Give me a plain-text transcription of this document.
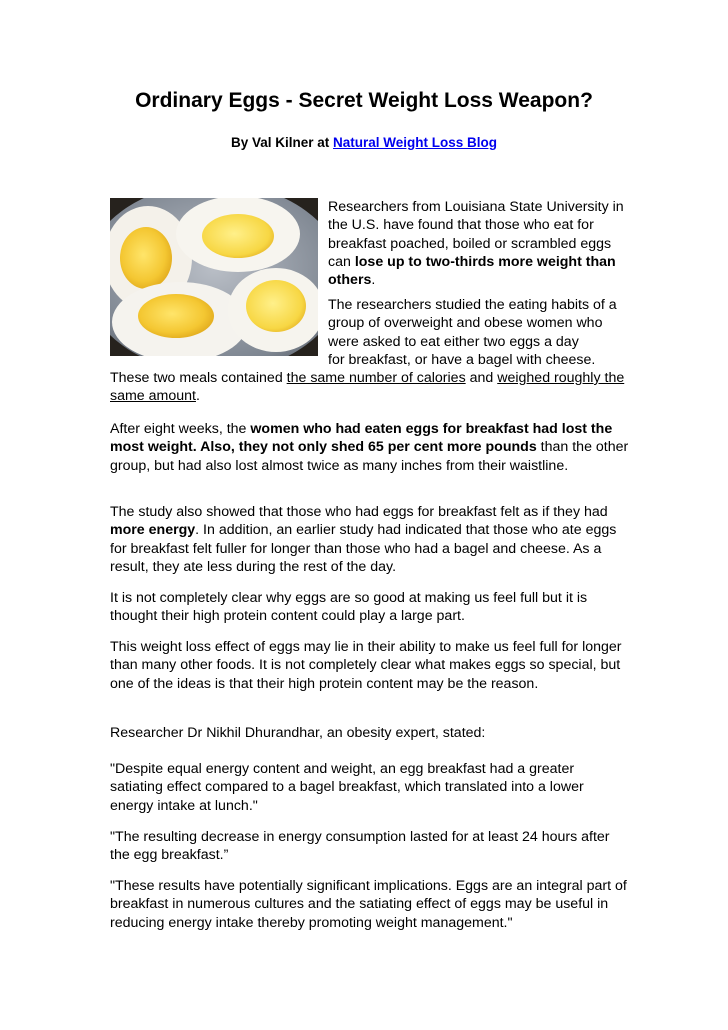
Ordinary Eggs - Secret Weight Loss Weapon?
By Val Kilner at Natural Weight Loss Blog
Researchers from Louisiana State University in the U.S. have found that those who eat for breakfast poached, boiled or scrambled eggs can lose up to two-thirds more weight than others.
The researchers studied the eating habits of a group of overweight and obese women who were asked to eat either two eggs a day
for breakfast, or have a bagel with cheese.

These two meals contained the same number of calories and weighed roughly the same amount.

After eight weeks, the women who had eaten eggs for breakfast had lost the most weight. Also, they not only shed 65 per cent more pounds than the other group, but had also lost almost twice as many inches from their waistline.

The study also showed that those who had eggs for breakfast felt as if they had more energy. In addition, an earlier study had indicated that those who ate eggs for breakfast felt fuller for longer than those who had a bagel and cheese. As a result, they ate less during the rest of the day.

It is not completely clear why eggs are so good at making us feel full but it is thought their high protein content could play a large part.

This weight loss effect of eggs may lie in their ability to make us feel full for longer than many other foods. It is not completely clear what makes eggs so special, but one of the ideas is that their high protein content may be the reason.

Researcher Dr Nikhil Dhurandhar, an obesity expert, stated:

"Despite equal energy content and weight, an egg breakfast had a greater satiating effect compared to a bagel breakfast, which translated into a lower energy intake at lunch."

"The resulting decrease in energy consumption lasted for at least 24 hours after the egg breakfast.”

"These results have potentially significant implications. Eggs are an integral part of breakfast in numerous cultures and the satiating effect of eggs may be useful in reducing energy intake thereby promoting weight management."
